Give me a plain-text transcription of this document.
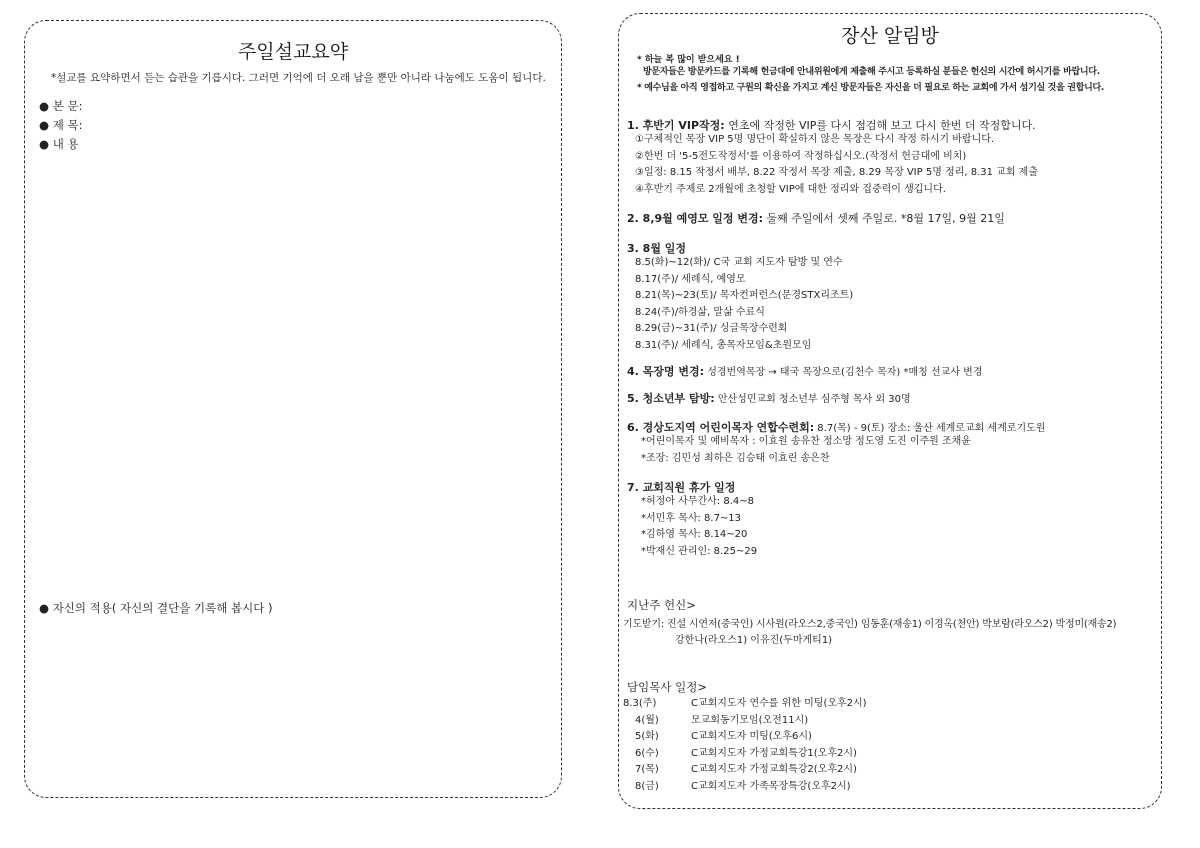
주일설교요약
*설교를 요약하면서 듣는 습관을 기릅시다. 그러면 기억에 더 오래 남을 뿐만 아니라 나눔에도 도움이 됩니다.
● 본 문:
● 제 목:
● 내 용
● 자신의 적용( 자신의 결단을 기록해 봅시다 )
장산 알림방
* 하늘 복 많이 받으세요 !
방문자들은 방문카드를 기록해 헌금대에 안내위원에게 제출해 주시고 등록하실 분들은 헌신의 시간에 허시기를 바랍니다.
* 예수님을 아직 영접하고 구원의 확신을 가지고 계신 방문자들은 자신을 더 필요로 하는 교회에 가서 섬기실 것을 권합니다.
1. 후반기 VIP작정: 연초에 작정한 VIP를 다시 점검해 보고 다시 한번 더 작정합니다.
①구체적인 목장 VIP 5명 명단이 확실하지 않은 목장은 다시 작정 하시기 바랍니다.
②한번 더 '5-5전도작정서'를 이용하여 작정하십시오.(작정서 헌금대에 비치)
③일정: 8.15 작정서 배부, 8.22 작정서 목장 제출, 8.29 목장 VIP 5명 정리, 8.31 교회 제출
④후반기 주제로 2개월에 초청할 VIP에 대한 정리와 집중력이 생깁니다.
2. 8,9월 예영모 일정 변경: 둘째 주일에서 셋째 주일로. *8월 17일, 9월 21일
3. 8월 일정
8.5(화)~12(화)/ C국 교회 지도자 탐방 및 연수
8.17(주)/ 세례식, 예영모
8.21(목)~23(토)/ 목자컨퍼런스(문경STX리조트)
8.24(주)/하경삶, 말삶 수료식
8.29(금)~31(주)/ 싱글목장수련회
8.31(주)/ 세례식, 총목자모임&초원모임
4. 목장명 변경: 성경번역목장 → 태국 목장으로(김천수 목자) *매칭 선교사 변경
5. 청소년부 탐방: 안산성민교회 청소년부 심주형 목사 외 30명
6. 경상도지역 어린이목자 연합수련회: 8.7(목) - 9(토) 장소: 울산 세계로교회 세계로기도원
*어린이목자 및 예비목자 : 이효원 송유찬 정소망 정도영 도진 이주원 조채윤
*조장: 김민성 최하은 김승태 이효린 송은찬
7. 교회직원 휴가 일정
*허정아 사무간사: 8.4~8
*서민후 목사: 8.7~13
*김하영 목사: 8.14~20
*박재신 관리인: 8.25~29
지난주 헌신>
기도받기: 진설 시연저(중국인) 시사원(라오스2,중국인) 임동훈(재송1) 이경옥(천안) 박보람(라오스2) 박정미(재송2)
강한나(라오스1) 이유진(두마게티1)
담임목사 일정>
8.3(주)	C교회지도자 연수를 위한 미팅(오후2시)
4(월)	모교회동기모임(오전11시)
5(화)	C교회지도자 미팅(오후6시)
6(수)	C교회지도자 가정교회특강1(오후2시)
7(목)	C교회지도자 가정교회특강2(오후2시)
8(금)	C교회지도자 가족목장특강(오후2시)
